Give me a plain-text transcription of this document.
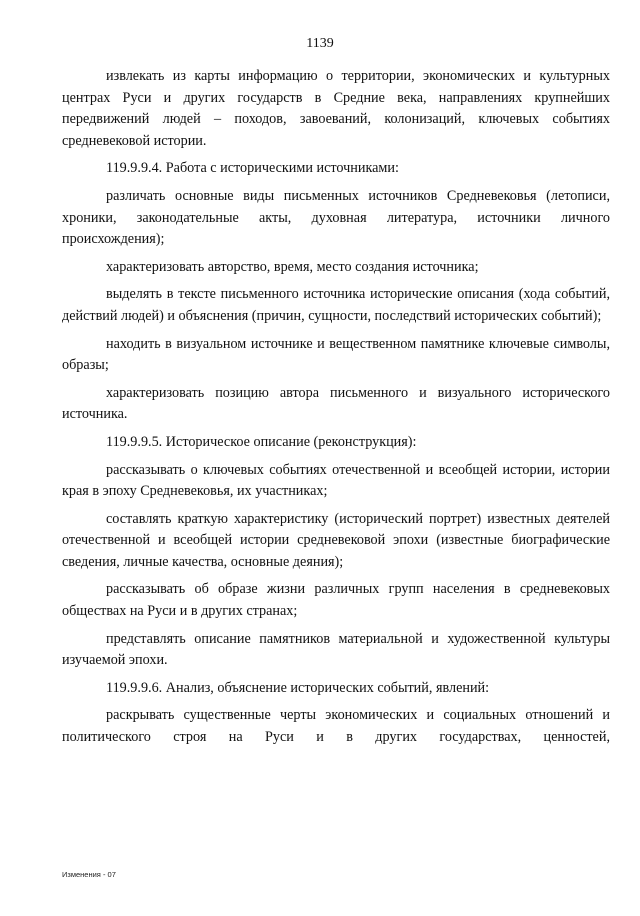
1139

извлекать из карты информацию о территории, экономических и культурных центрах Руси и других государств в Средние века, направлениях крупнейших передвижений людей – походов, завоеваний, колонизаций, ключевых событиях средневековой истории.

119.9.9.4. Работа с историческими источниками:

различать основные виды письменных источников Средневековья (летописи, хроники, законодательные акты, духовная литература, источники личного происхождения);

характеризовать авторство, время, место создания источника;

выделять в тексте письменного источника исторические описания (хода событий, действий людей) и объяснения (причин, сущности, последствий исторических событий);

находить в визуальном источнике и вещественном памятнике ключевые символы, образы;

характеризовать позицию автора письменного и визуального исторического источника.

119.9.9.5. Историческое описание (реконструкция):

рассказывать о ключевых событиях отечественной и всеобщей истории, истории края в эпоху Средневековья, их участниках;

составлять краткую характеристику (исторический портрет) известных деятелей отечественной и всеобщей истории средневековой эпохи (известные биографические сведения, личные качества, основные деяния);

рассказывать об образе жизни различных групп населения в средневековых обществах на Руси и в других странах;

представлять описание памятников материальной и художественной культуры изучаемой эпохи.

119.9.9.6. Анализ, объяснение исторических событий, явлений:

раскрывать существенные черты экономических и социальных отношений и политического строя на Руси и в других государствах, ценностей,

Изменения - 07
